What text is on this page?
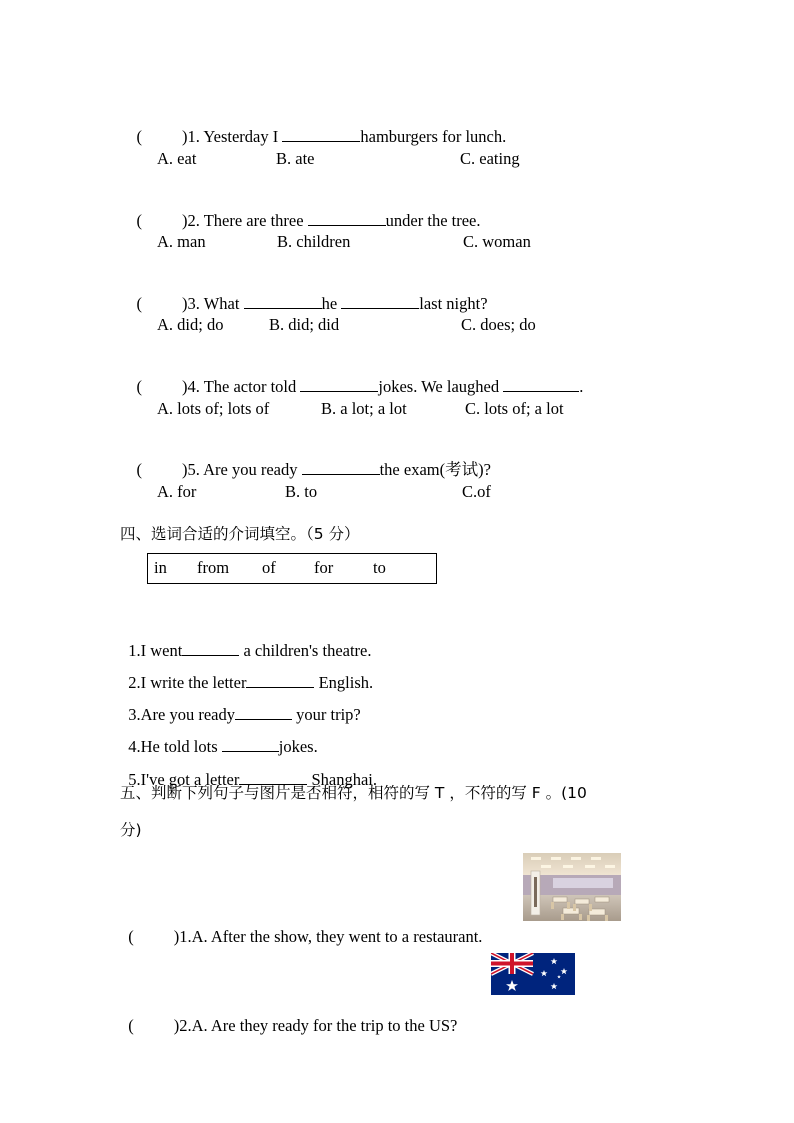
( )1. Yesterday I	hamburgers for lunch.

A. eat	B. ate	C. eating

( )2. There are three	under the tree.

A. man	B. children	C. woman

( )3. What	he	last night?

A. did; do	B. did; did	C. does; do

( )4. The actor told	jokes. We laughed	.

A. lots of; lots of	B. a lot; a lot	C. lots of; a lot

( )5. Are you ready	the exam(考试)?

A. for	B. to	C.of
四、选词合适的介词填空。（5 分）
in from of for to

1.I went	a children's theatre.

2.I write the letter	English.

3.Are you ready	your trip?

4.He told lots	jokes.

5.I've got a letter	Shanghai.

五、判断下列句子与图片是否相符，相符的写 T ，不符的写 F 。(10
分)

( )1.A. After the show, they went to a restaurant.

( )2.A. Are they ready for the trip to the US?
